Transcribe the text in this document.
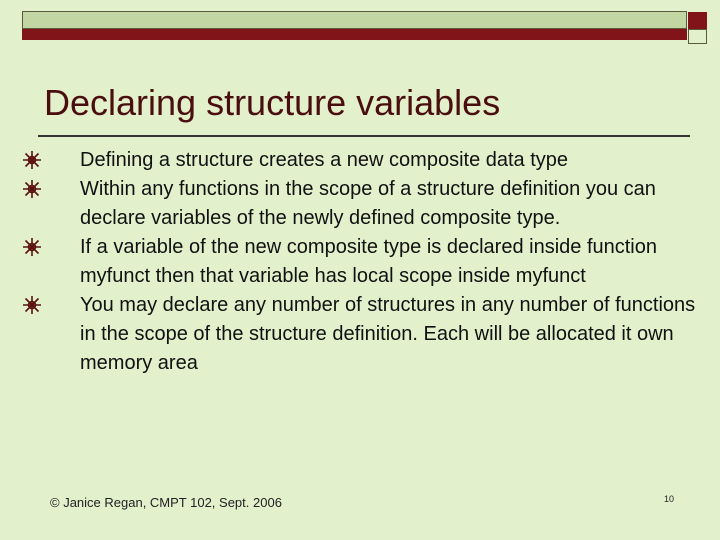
Declaring structure variables
Defining a structure creates a new composite data type
Within any functions in the scope of a structure definition you can declare variables of the newly defined composite type.
If a variable of the new composite type is declared inside function myfunct then that variable has local scope inside myfunct
You may declare any number of structures in any number of functions in the scope of the structure definition. Each will be allocated it own memory area
© Janice Regan, CMPT 102, Sept. 2006	10
